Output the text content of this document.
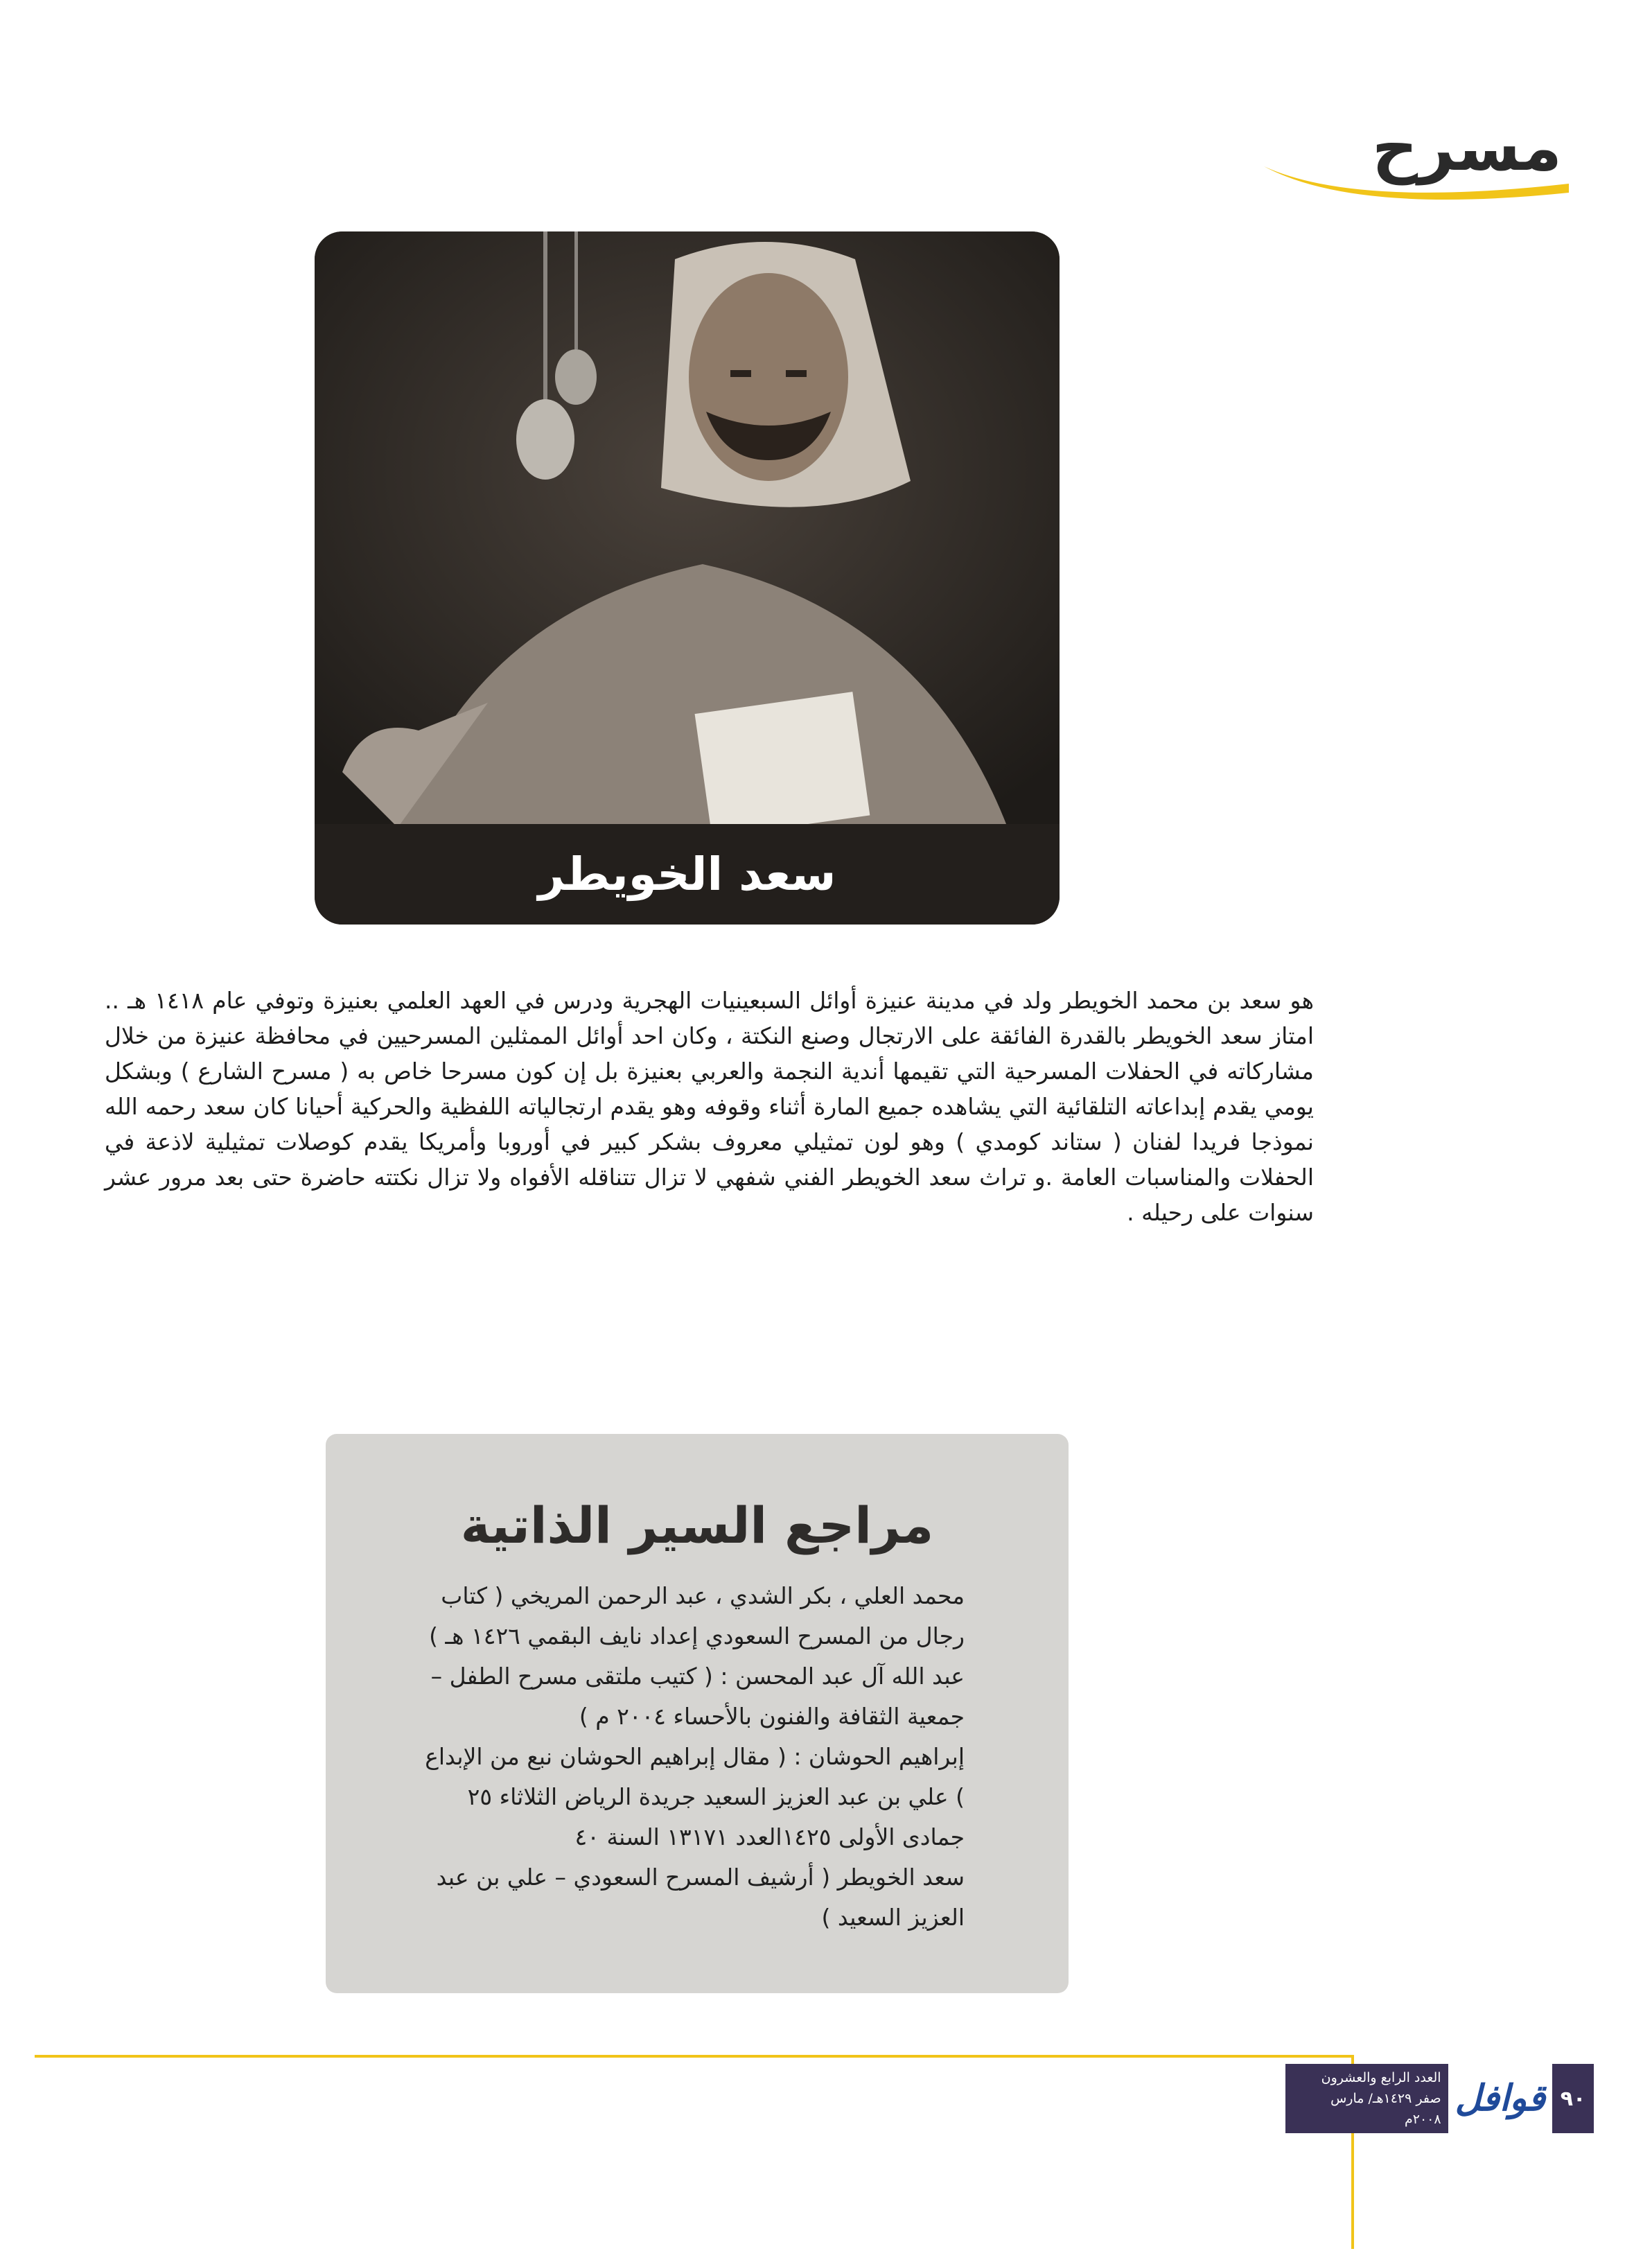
مسرح
سعد الخويطر
هو سعد بن محمد الخويطر ولد في مدينة عنيزة أوائل السبعينيات الهجرية ودرس في العهد العلمي بعنيزة وتوفي عام ١٤١٨ هـ .. امتاز سعد الخويطر بالقدرة الفائقة على الارتجال وصنع النكتة ، وكان احد أوائل الممثلين المسرحيين في محافظة عنيزة من خلال مشاركاته في الحفلات المسرحية التي تقيمها أندية النجمة والعربي بعنيزة بل إن كون مسرحا خاص به ( مسرح الشارع ) وبشكل يومي يقدم إبداعاته التلقائية التي يشاهده جميع المارة أثناء وقوفه وهو يقدم ارتجالياته اللفظية والحركية أحيانا كان سعد رحمه الله نموذجا فريدا لفنان ( ستاند كومدي ) وهو لون تمثيلي معروف بشكر كبير في أوروبا وأمريكا يقدم كوصلات تمثيلية لاذعة في الحفلات والمناسبات العامة .و تراث سعد الخويطر الفني شفهي لا تزال تتناقله الأفواه ولا تزال نكتته حاضرة حتى بعد مرور عشر سنوات على رحيله .
مراجع السير الذاتية

محمد العلي ، بكر الشدي ، عبد الرحمن المريخي ( كتاب رجال من المسرح السعودي إعداد نايف البقمي ١٤٢٦ هـ )

عبد الله آل عبد المحسن : ( كتيب ملتقى مسرح الطفل – جمعية الثقافة والفنون بالأحساء ٢٠٠٤ م )

إبراهيم الحوشان : ( مقال إبراهيم الحوشان نبع من الإبداع ) علي بن عبد العزيز السعيد جريدة الرياض الثلاثاء ٢٥ جمادى الأولى ١٤٢٥العدد ١٣١٧١ السنة ٤٠

سعد الخويطر ( أرشيف المسرح السعودي – علي بن عبد العزيز السعيد )

٩٠
قوافل
العدد الرابع والعشرون
صفر ١٤٢٩هـ/ مارس ٢٠٠٨م
